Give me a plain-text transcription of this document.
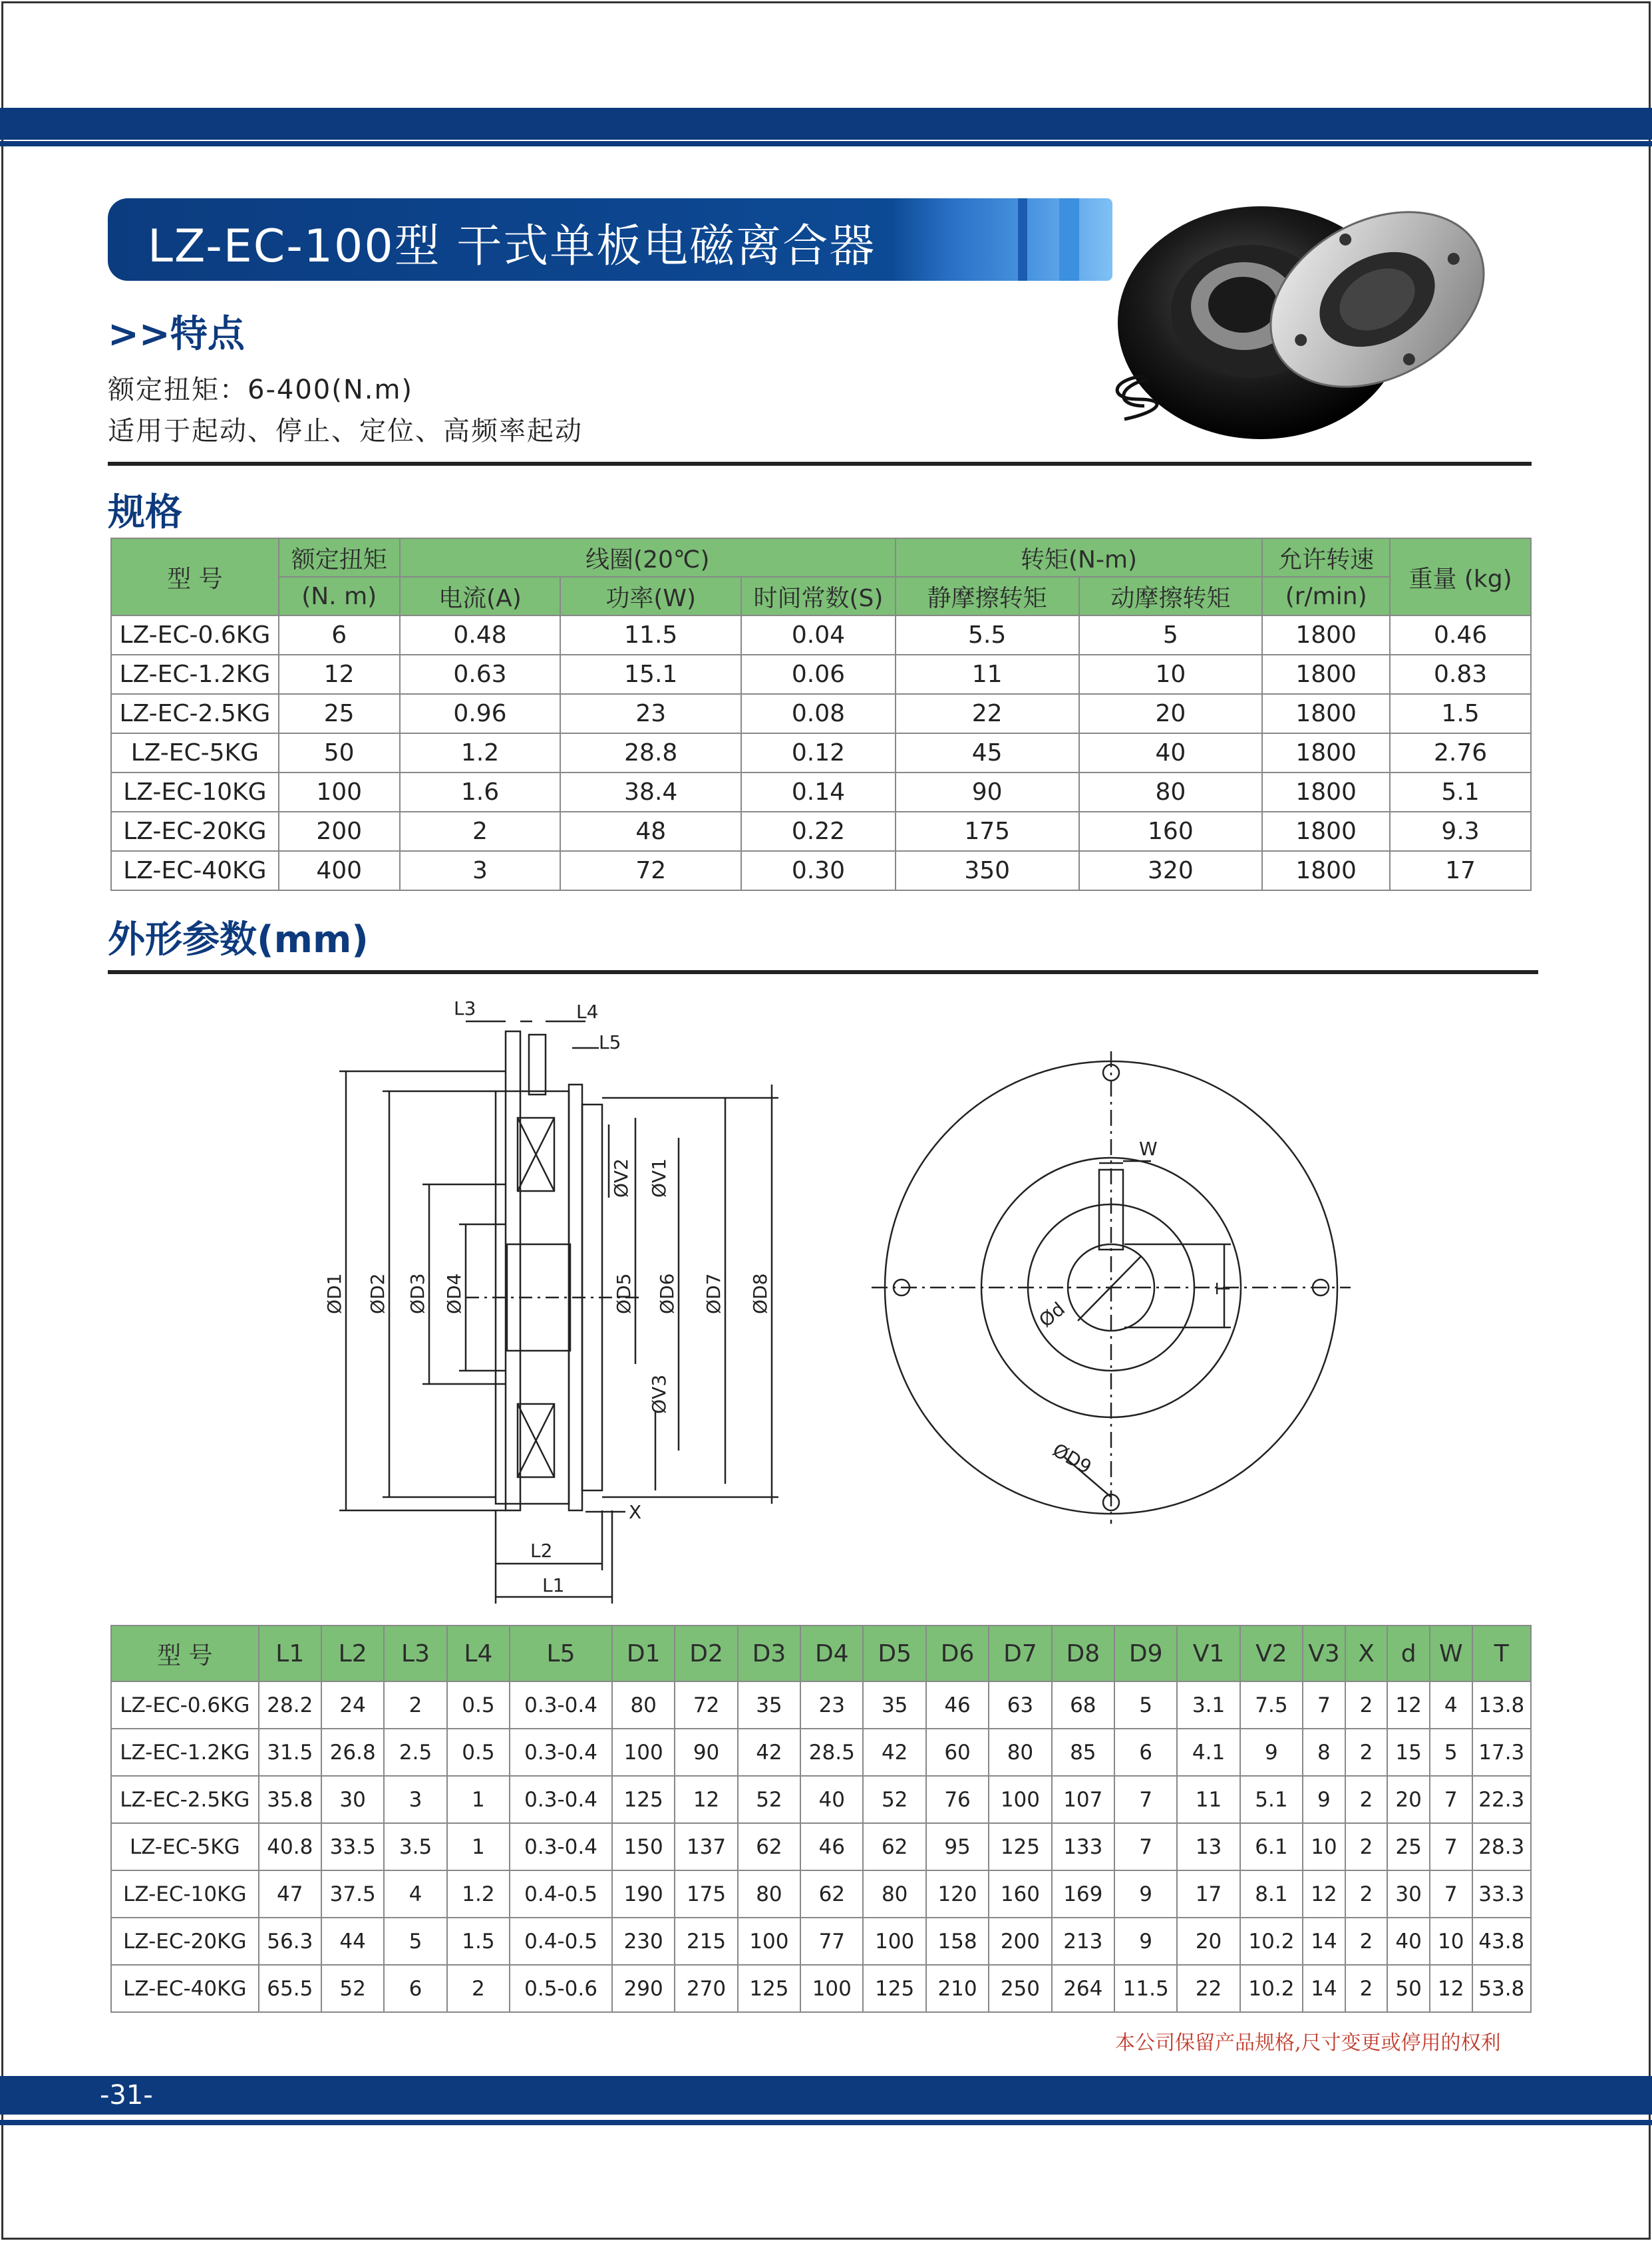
LZ-EC-100型 干式单板电磁离合器
>>特点
额定扭矩：6-400(N.m)
适用于起动、停止、定位、高频率起动
规格
型 号	额定扭矩	线圈(20℃)			转矩(N-m)		允许转速	重量 (kg)
	(N. m)	电流(A)	功率(W)	时间常数(S)	静摩擦转矩	动摩擦转矩	(r/min)	
LZ-EC-0.6KG	6	0.48	11.5	0.04	5.5	5	1800	0.46
LZ-EC-1.2KG	12	0.63	15.1	0.06	11	10	1800	0.83
LZ-EC-2.5KG	25	0.96	23	0.08	22	20	1800	1.5
LZ-EC-5KG	50	1.2	28.8	0.12	45	40	1800	2.76
LZ-EC-10KG	100	1.6	38.4	0.14	90	80	1800	5.1
LZ-EC-20KG	200	2	48	0.22	175	160	1800	9.3
LZ-EC-40KG	400	3	72	0.30	350	320	1800	17
外形参数(mm)
L3	L4
L5
L2
L1
X
ØD1 ØD2 ØD3 ØD4	ØD5 ØD6 ØD7 ØD8
ØV2 ØV1
ØV3
W
T
Ød
ØD9
型 号	L1	L2	L3	L4	L5	D1	D2	D3	D4	D5	D6	D7	D8	D9	V1	V2	V3	X	d	W	T
LZ-EC-0.6KG	28.2	24	2	0.5	0.3-0.4	80	72	35	23	35	46	63	68	5	3.1	7.5	7	2	12	4	13.8
LZ-EC-1.2KG	31.5	26.8	2.5	0.5	0.3-0.4	100	90	42	28.5	42	60	80	85	6	4.1	9	8	2	15	5	17.3
LZ-EC-2.5KG	35.8	30	3	1	0.3-0.4	125	12	52	40	52	76	100	107	7	11	5.1	9	2	20	7	22.3
LZ-EC-5KG	40.8	33.5	3.5	1	0.3-0.4	150	137	62	46	62	95	125	133	7	13	6.1	10	2	25	7	28.3
LZ-EC-10KG	47	37.5	4	1.2	0.4-0.5	190	175	80	62	80	120	160	169	9	17	8.1	12	2	30	7	33.3
LZ-EC-20KG	56.3	44	5	1.5	0.4-0.5	230	215	100	77	100	158	200	213	9	20	10.2	14	2	40	10	43.8
LZ-EC-40KG	65.5	52	6	2	0.5-0.6	290	270	125	100	125	210	250	264	11.5	22	10.2	14	2	50	12	53.8
本公司保留产品规格,尺寸变更或停用的权利
-31-
